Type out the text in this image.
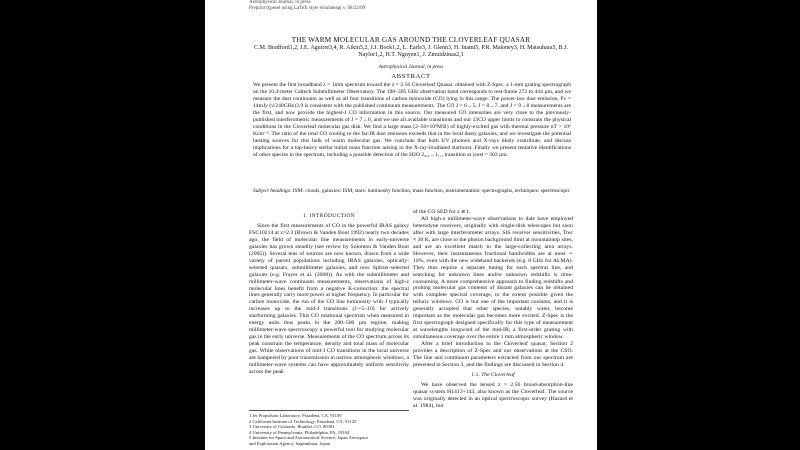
Astrophysical Journal, in press
Preprint typeset using LaTeX style emulateapj v. 08/22/09
THE WARM MOLECULAR GAS AROUND THE CLOVERLEAF QUASAR
C.M. Bradford1,2, J.E. Aguirre3,4, R. Aikin5,2, J.J. Bock1,2, L. Earle3, J. Glenn3, H. Inami5, P.R. Maloney3, H. Matsuhara5, B.J. Naylor1,2, H.T. Nguyen1, J. Zmuidzinas2,1
Astrophysical Journal, in press
ABSTRACT
We present the first broadband λ = 1mm spectrum toward the z = 2.56 Cloverleaf Quasar, obtained with Z-Spec, a 1-mm grating spectrograph on the 10.4-meter Caltech Submillimeter Observatory. The 190–305 GHz observation band corresponds to rest-frame 272 to 444 µm, and we measure the dust continuum as well as all four transitions of carbon monoxide (CO) lying in this range. The power-law dust emission, Fν = 14mJy (ν/240GHz)3.9 is consistent with the published continuum measurements. The CO J = 6→5, J = 8→7, and J = 9→8 measurements are the first, and now provide the highest-J CO information in this source. Our measured CO intensities are very close to the previously-published interferometric measurements of J = 7→6, and we use all available transitions and our 13CO upper limits to constrain the physical conditions in the Cloverleaf molecular gas disk. We find a large mass (2–50×10⁹M⊙) of highly-excited gas with thermal pressure nT > 10⁶ Kcm⁻³. The ratio of the total CO cooling to the far-IR dust emission exceeds that in the local dusty galaxies, and we investigate the potential heating sources for this bulk of warm molecular gas. We conclude that both UV photons and X-rays likely contribute, and discuss implications for a top-heavy stellar initial mass function arising in the X-ray-irradiated starburst. Finally we present tentative identifications of other species in the spectrum, including a possible detection of the H2O 2₀,₂→1₁,₁ transition at λrest = 303 µm.
Subject headings: ISM: clouds, galaxies: ISM, stars: luminosity function, mass function, instrumentation: spectrographs, techniques: spectroscopic
1. INTRODUCTION

Since the first measurements of CO in the powerful IRAS galaxy FSC10214 at z=2.3 (Brown & Vanden Bout 1992) nearly two decades ago, the field of molecular line measurements in early-universe galaxies has grown steadily (see review by Solomon & Vanden Bout (2005)). Several tens of sources are now known, drawn from a wide variety of parent populations including IRAS galaxies, optically-selected quasars, submillimeter galaxies, and now Spitzer-selected galaxies (e.g. Frayer et al. (2008)). As with the submillimeter and millimeter-wave continuum measurements, observations of high-z molecular lines benefit from a negative K-correction: the spectral lines generally carry more power at higher frequency. In particular for carbon monoxide, the run of the CO line luminosity with J typically increases up to the mid-J transitions (J∼5–10) for actively starforming galaxies. This CO rotational spectrum when measured in energy units thus peaks in the 200–500 µm regime, making millimeter-wave spectroscopy a powerful tool for studying molecular gas in the early universe. Measurements of the CO spectrum across its peak constrain the temperature, density and total mass of molecular gas. While observations of mid-J CO transitions in the local universe are hampered by poor transmission in narrow atmospheric windows, a millimeter-wave systems can have approximately uniform sensitivity across the peak

of the CO SED for z ≳1.

All high-z millimeter-wave observations to date have employed heterodyne receivers, originally with single-dish telescopes but soon after with large interferometer arrays. SIS receiver sensitivities, Trec ≈ 30 K, are close to the photon background limit at mountaintop sites, and are an excellent match to the large-collecting area arrays. However, their instantaneous fractional bandwidths are at most ∼ 10%, even with the new wideband backends (e.g. 8 GHz for ALMA). They thus require a separate tuning for each spectral line, and searching for unknown lines and/or unknown redshifts is time-consuming. A more comprehensive approach to finding redshifts and probing molecular gas contents of distant galaxies can be obtained with complete spectral coverage, to the extent possible given the telluric windows. CO is but one of the important coolants, and it is generally accepted that other species, notably water, become important as the molecular gas becomes more excited. Z-Spec is the first spectrograph designed specifically for this type of measurement at wavelengths longward of the mid-IR; a first-order grating with simultaneous coverage over the entire 1 mm atmospheric window.

After a brief introduction to the Cloverleaf quasar, Section 2 provides a description of Z-Spec and our observations at the CSO. The line and continuum parameters extracted from our spectrum are presented in Section 3, and the findings are discussed in Section 4.

1.1. The Cloverleaf

We have observed the lensed z = 2.56 broad-absorption-line quasar system H1413+143, also known as the Cloverleaf. The source was originally detected in an optical spectroscopic survey (Hazard et al. 1984), but

1 Jet Propulsion Laboratory, Pasadena, CA, 91109
2 California Institute of Technology, Pasadena, CA, 91125
3 University of Colorado, Boulder, CO, 80303
4 University of Pennsylvania, Philadelphia, PA, 19104
5 Institute for Space and Astronautical Science, Japan Aerospace
and Exploration Agency, Sagamihara, Japan
